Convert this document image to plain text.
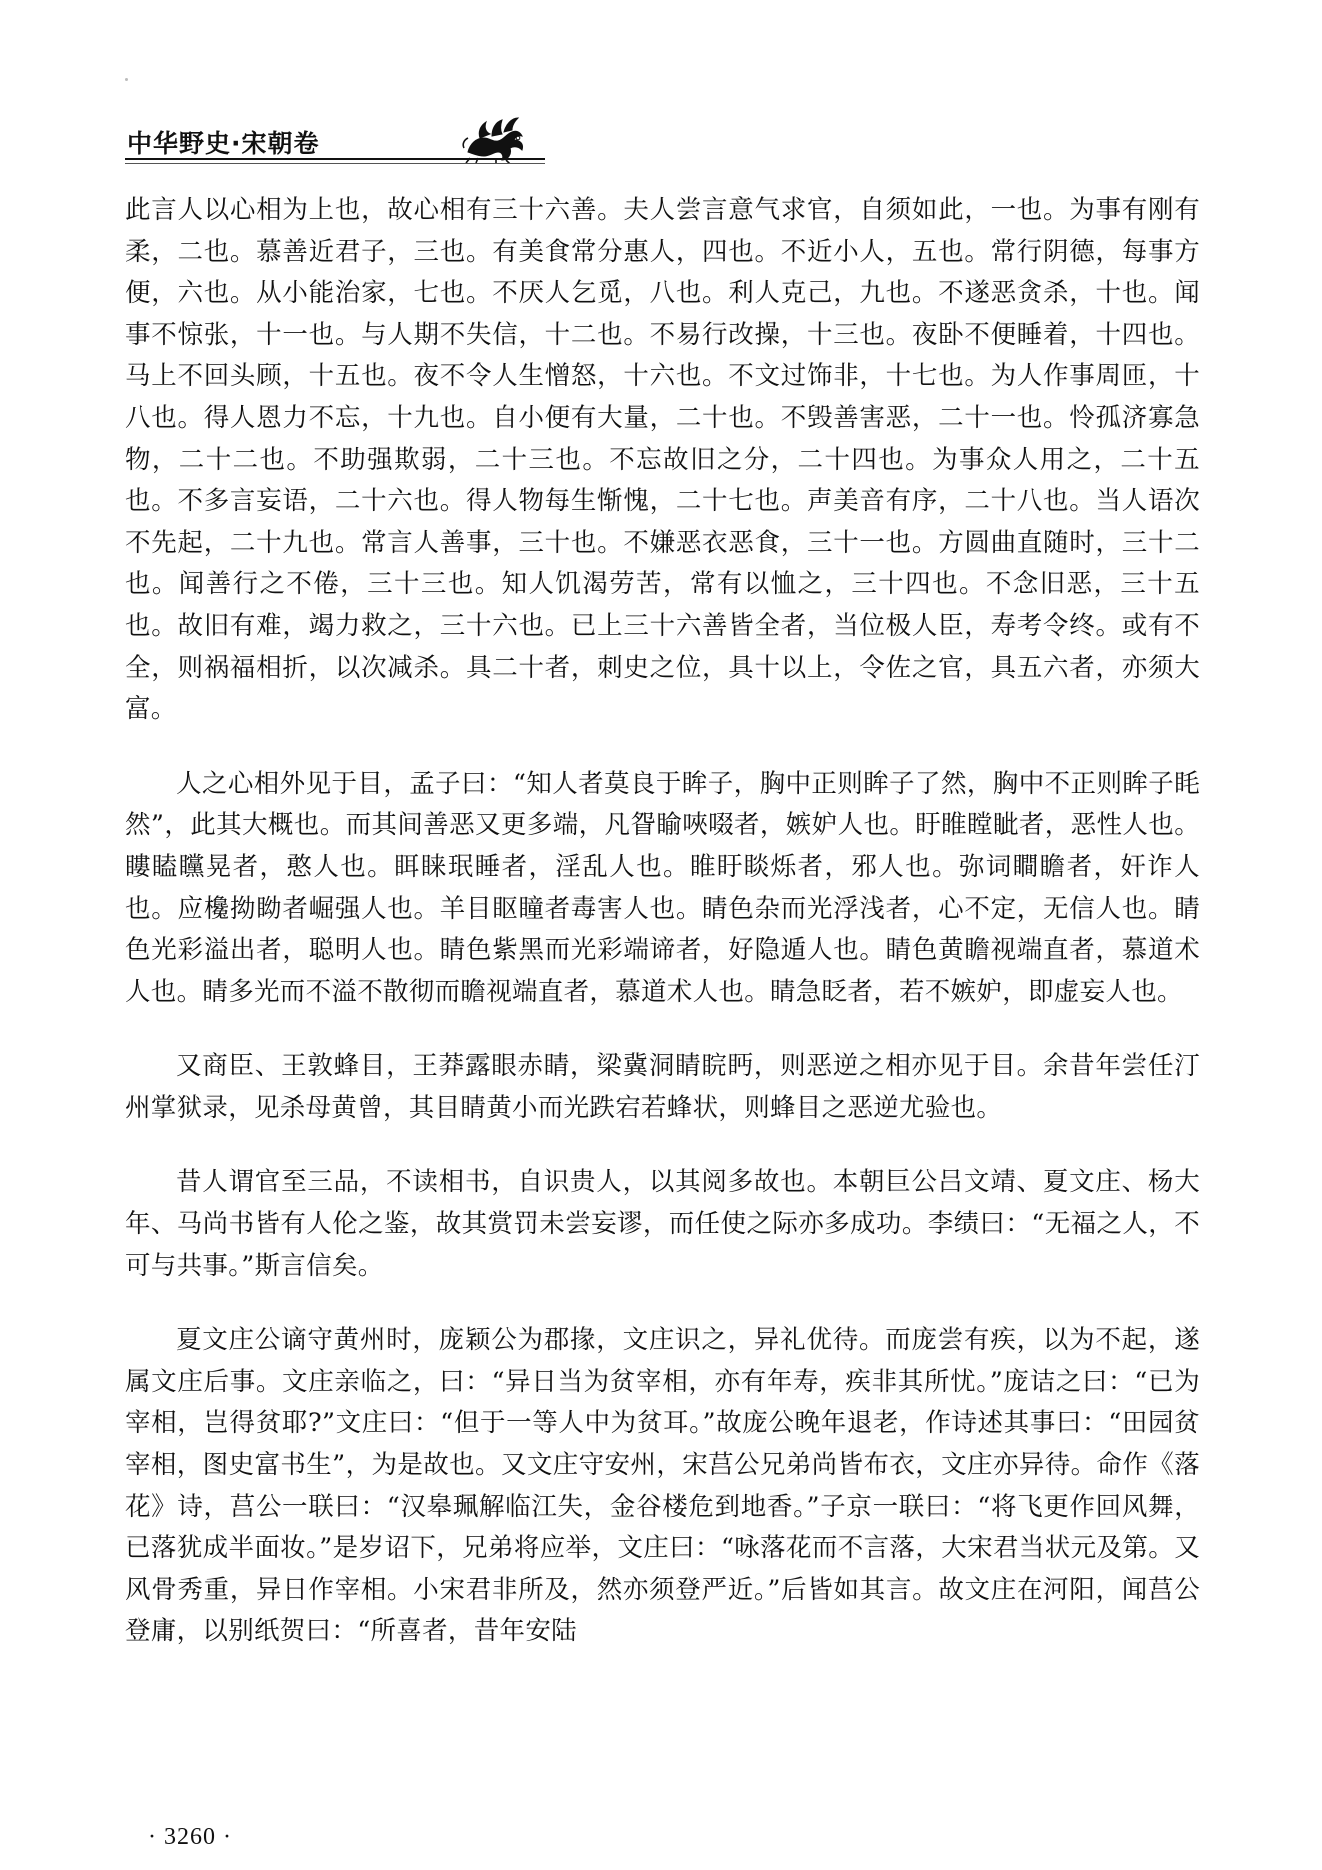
中华野史·宋朝卷

此言人以心相为上也，故心相有三十六善。夫人尝言意气求官，自须如此，一也。为事有刚有柔，二也。慕善近君子，三也。有美食常分惠人，四也。不近小人，五也。常行阴德，每事方便，六也。从小能治家，七也。不厌人乞觅，八也。利人克己，九也。不遂恶贪杀，十也。闻事不惊张，十一也。与人期不失信，十二也。不易行改操，十三也。夜卧不便睡着，十四也。马上不回头顾，十五也。夜不令人生憎怒，十六也。不文过饰非，十七也。为人作事周匝，十八也。得人恩力不忘，十九也。自小便有大量，二十也。不毁善害恶，二十一也。怜孤济寡急物，二十二也。不助强欺弱，二十三也。不忘故旧之分，二十四也。为事众人用之，二十五也。不多言妄语，二十六也。得人物每生惭愧，二十七也。声美音有序，二十八也。当人语次不先起，二十九也。常言人善事，三十也。不嫌恶衣恶食，三十一也。方圆曲直随时，三十二也。闻善行之不倦，三十三也。知人饥渴劳苦，常有以恤之，三十四也。不念旧恶，三十五也。故旧有难，竭力救之，三十六也。已上三十六善皆全者，当位极人臣，寿考令终。或有不全，则祸福相折，以次减杀。具二十者，刺史之位，具十以上，令佐之官，具五六者，亦须大富。

人之心相外见于目，孟子曰：“知人者莫良于眸子，胸中正则眸子了然，胸中不正则眸子眊然”，此其大概也。而其间善恶又更多端，凡眢睮唊啜者，嫉妒人也。盱睢瞠眦者，恶性人也。瞜瞌矘晃者，憨人也。眲睐珉睡者，淫乱人也。睢盱睒烁者，邪人也。弥词瞷瞻者，奸诈人也。应欃拗眑者崛强人也。羊目眍瞳者毒害人也。睛色杂而光浮浅者，心不定，无信人也。睛色光彩溢出者，聪明人也。睛色紫黑而光彩端谛者，好隐遁人也。睛色黄瞻视端直者，慕道术人也。睛多光而不溢不散彻而瞻视端直者，慕道术人也。睛急眨者，若不嫉妒，即虚妄人也。

又商臣、王敦蜂目，王莽露眼赤睛，梁冀洞睛睆眄，则恶逆之相亦见于目。余昔年尝任汀州掌狱录，见杀母黄曾，其目睛黄小而光跌宕若蜂状，则蜂目之恶逆尤验也。

昔人谓官至三品，不读相书，自识贵人，以其阅多故也。本朝巨公吕文靖、夏文庄、杨大年、马尚书皆有人伦之鉴，故其赏罚未尝妄谬，而任使之际亦多成功。李绩曰：“无福之人，不可与共事。”斯言信矣。

夏文庄公谪守黄州时，庞颖公为郡掾，文庄识之，异礼优待。而庞尝有疾，以为不起，遂属文庄后事。文庄亲临之，曰：“异日当为贫宰相，亦有年寿，疾非其所忧。”庞诘之曰：“已为宰相，岂得贫耶?”文庄曰：“但于一等人中为贫耳。”故庞公晚年退老，作诗述其事曰：“田园贫宰相，图史富书生”，为是故也。又文庄守安州，宋莒公兄弟尚皆布衣，文庄亦异待。命作《落花》诗，莒公一联曰：“汉皋珮解临江失，金谷楼危到地香。”子京一联曰：“将飞更作回风舞，已落犹成半面妆。”是岁诏下，兄弟将应举，文庄曰：“咏落花而不言落，大宋君当状元及第。又风骨秀重，异日作宰相。小宋君非所及，然亦须登严近。”后皆如其言。故文庄在河阳，闻莒公登庸，以别纸贺曰：“所喜者，昔年安陆

· 3260 ·
